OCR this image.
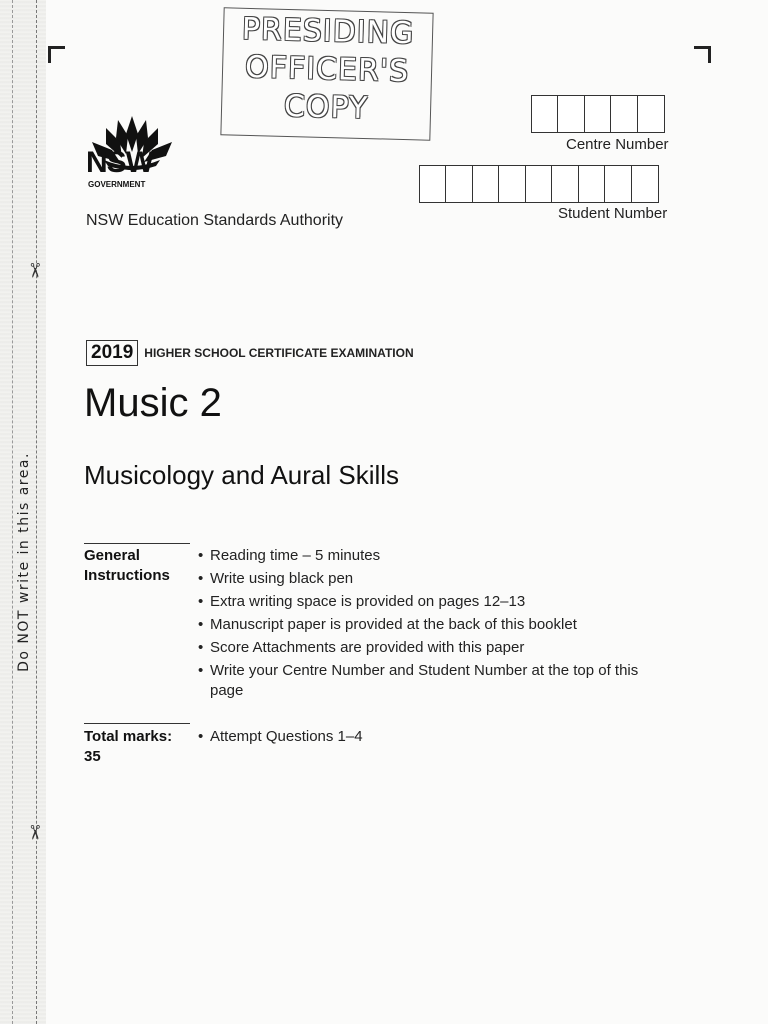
✂
✂
Do NOT write in this area.
PRESIDING
OFFICER'S
COPY
NSW
GOVERNMENT
NSW Education Standards Authority
Centre Number
Student Number
2019 HIGHER SCHOOL CERTIFICATE EXAMINATION
Music 2
Musicology and Aural Skills
General
Instructions
• Reading time – 5 minutes
• Write using black pen
• Extra writing space is provided on pages 12–13
• Manuscript paper is provided at the back of this booklet
• Score Attachments are provided with this paper
• Write your Centre Number and Student Number at the top of this page
Total marks:
35
• Attempt Questions 1–4
